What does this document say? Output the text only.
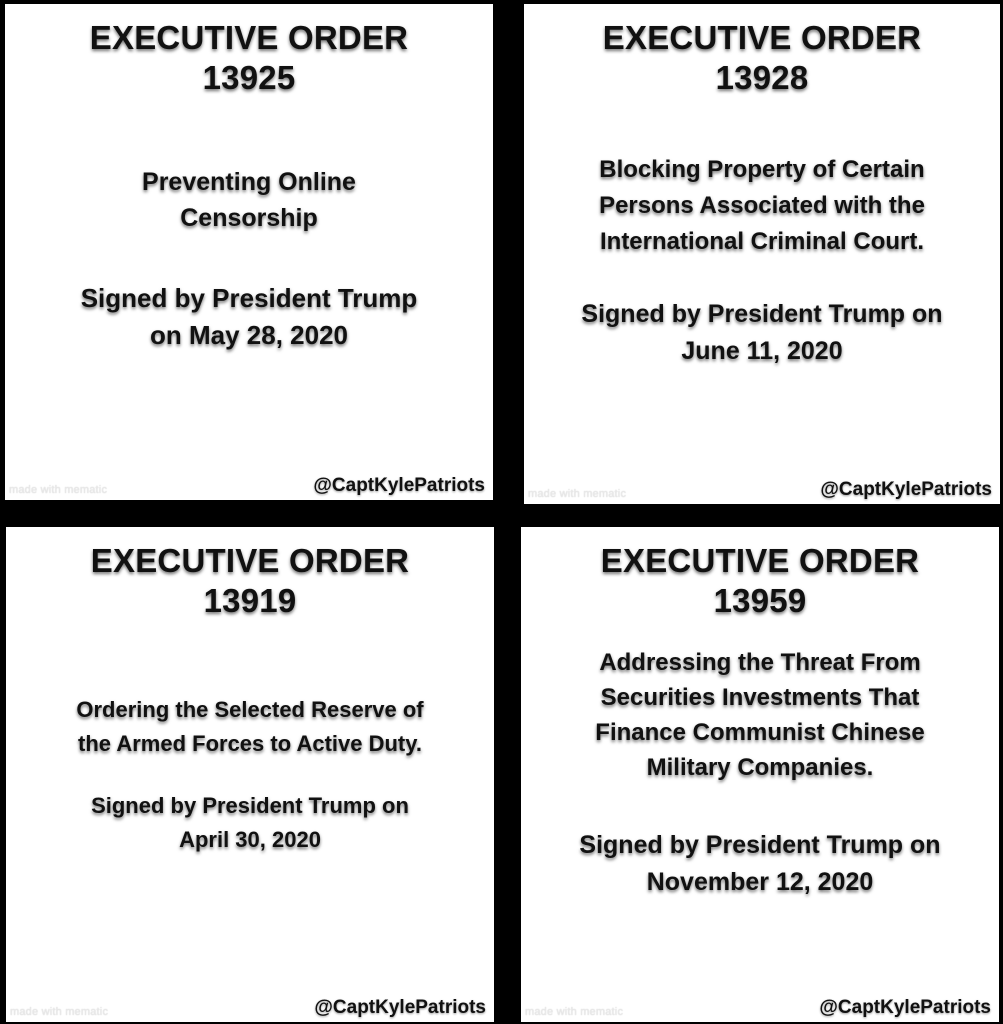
EXECUTIVE ORDER
13925
Preventing Online
Censorship
Signed by President Trump
on May 28, 2020
made with mematic	@CaptKylePatriots
EXECUTIVE ORDER
13928
Blocking Property of Certain
Persons Associated with the
International Criminal Court.
Signed by President Trump on
June 11, 2020
made with mematic	@CaptKylePatriots
EXECUTIVE ORDER
13919
Ordering the Selected Reserve of
the Armed Forces to Active Duty.
Signed by President Trump on
April 30, 2020
made with mematic	@CaptKylePatriots
EXECUTIVE ORDER
13959
Addressing the Threat From
Securities Investments That
Finance Communist Chinese
Military Companies.
Signed by President Trump on
November 12, 2020
made with mematic	@CaptKylePatriots
